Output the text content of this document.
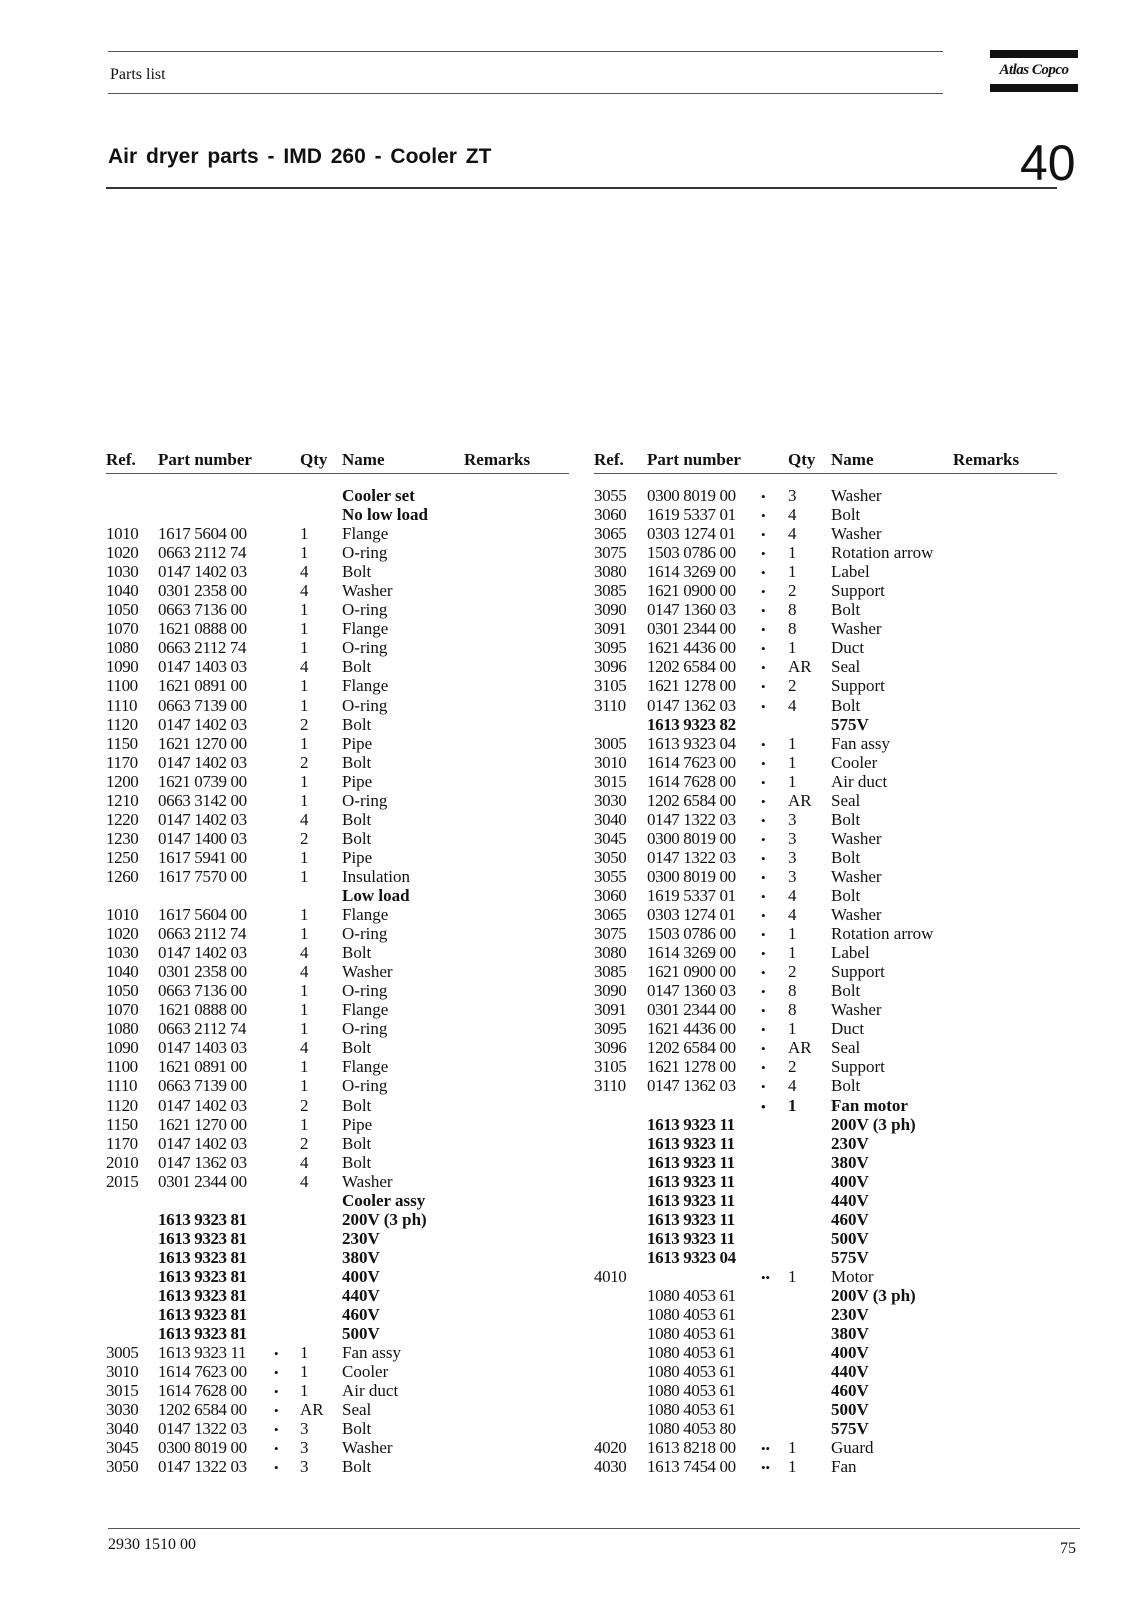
Parts list	Atlas Copco
Air dryer parts - IMD 260 - Cooler ZT	40
Ref. Part number	Qty Name	Remarks
Cooler set
No low load
1010 1617 5604 00	1 Flange
1020 0663 2112 74	1 O-ring
1030 0147 1402 03	4 Bolt
1040 0301 2358 00	4 Washer
1050 0663 7136 00	1 O-ring
1070 1621 0888 00	1 Flange
1080 0663 2112 74	1 O-ring
1090 0147 1403 03	4 Bolt
1100 1621 0891 00	1 Flange
1110 0663 7139 00	1 O-ring
1120 0147 1402 03	2 Bolt
1150 1621 1270 00	1 Pipe
1170 0147 1402 03	2 Bolt
1200 1621 0739 00	1 Pipe
1210 0663 3142 00	1 O-ring
1220 0147 1402 03	4 Bolt
1230 0147 1400 03	2 Bolt
1250 1617 5941 00	1 Pipe
1260 1617 7570 00	1 Insulation
Low load
1010 1617 5604 00	1 Flange
1020 0663 2112 74	1 O-ring
1030 0147 1402 03	4 Bolt
1040 0301 2358 00	4 Washer
1050 0663 7136 00	1 O-ring
1070 1621 0888 00	1 Flange
1080 0663 2112 74	1 O-ring
1090 0147 1403 03	4 Bolt
1100 1621 0891 00	1 Flange
1110 0663 7139 00	1 O-ring
1120 0147 1402 03	2 Bolt
1150 1621 1270 00	1 Pipe
1170 0147 1402 03	2 Bolt
2010 0147 1362 03	4 Bolt
2015 0301 2344 00	4 Washer
Cooler assy
1613 9323 81	200V (3 ph)
1613 9323 81	230V
1613 9323 81	380V
1613 9323 81	400V
1613 9323 81	440V
1613 9323 81	460V
1613 9323 81	500V
3005 1613 9323 11 • 1 Fan assy
3010 1614 7623 00 • 1 Cooler
3015 1614 7628 00 • 1 Air duct
3030 1202 6584 00 • AR Seal
3040 0147 1322 03 • 3 Bolt
3045 0300 8019 00 • 3 Washer
3050 0147 1322 03 • 3 Bolt
Ref. Part number	Qty Name	Remarks
3055 0300 8019 00 • 3 Washer
3060 1619 5337 01 • 4 Bolt
3065 0303 1274 01 • 4 Washer
3075 1503 0786 00 • 1 Rotation arrow
3080 1614 3269 00 • 1 Label
3085 1621 0900 00 • 2 Support
3090 0147 1360 03 • 8 Bolt
3091 0301 2344 00 • 8 Washer
3095 1621 4436 00 • 1 Duct
3096 1202 6584 00 • AR Seal
3105 1621 1278 00 • 2 Support
3110 0147 1362 03 • 4 Bolt
1613 9323 82	575V
3005 1613 9323 04 • 1 Fan assy
3010 1614 7623 00 • 1 Cooler
3015 1614 7628 00 • 1 Air duct
3030 1202 6584 00 • AR Seal
3040 0147 1322 03 • 3 Bolt
3045 0300 8019 00 • 3 Washer
3050 0147 1322 03 • 3 Bolt
3055 0300 8019 00 • 3 Washer
3060 1619 5337 01 • 4 Bolt
3065 0303 1274 01 • 4 Washer
3075 1503 0786 00 • 1 Rotation arrow
3080 1614 3269 00 • 1 Label
3085 1621 0900 00 • 2 Support
3090 0147 1360 03 • 8 Bolt
3091 0301 2344 00 • 8 Washer
3095 1621 4436 00 • 1 Duct
3096 1202 6584 00 • AR Seal
3105 1621 1278 00 • 2 Support
3110 0147 1362 03 • 4 Bolt
• 1 Fan motor
1613 9323 11	200V (3 ph)
1613 9323 11	230V
1613 9323 11	380V
1613 9323 11	400V
1613 9323 11	440V
1613 9323 11	460V
1613 9323 11	500V
1613 9323 04	575V
4010	•• 1 Motor
1080 4053 61	200V (3 ph)
1080 4053 61	230V
1080 4053 61	380V
1080 4053 61	400V
1080 4053 61	440V
1080 4053 61	460V
1080 4053 61	500V
1080 4053 80	575V
4020 1613 8218 00 •• 1 Guard
4030 1613 7454 00 •• 1 Fan
2930 1510 00	75
